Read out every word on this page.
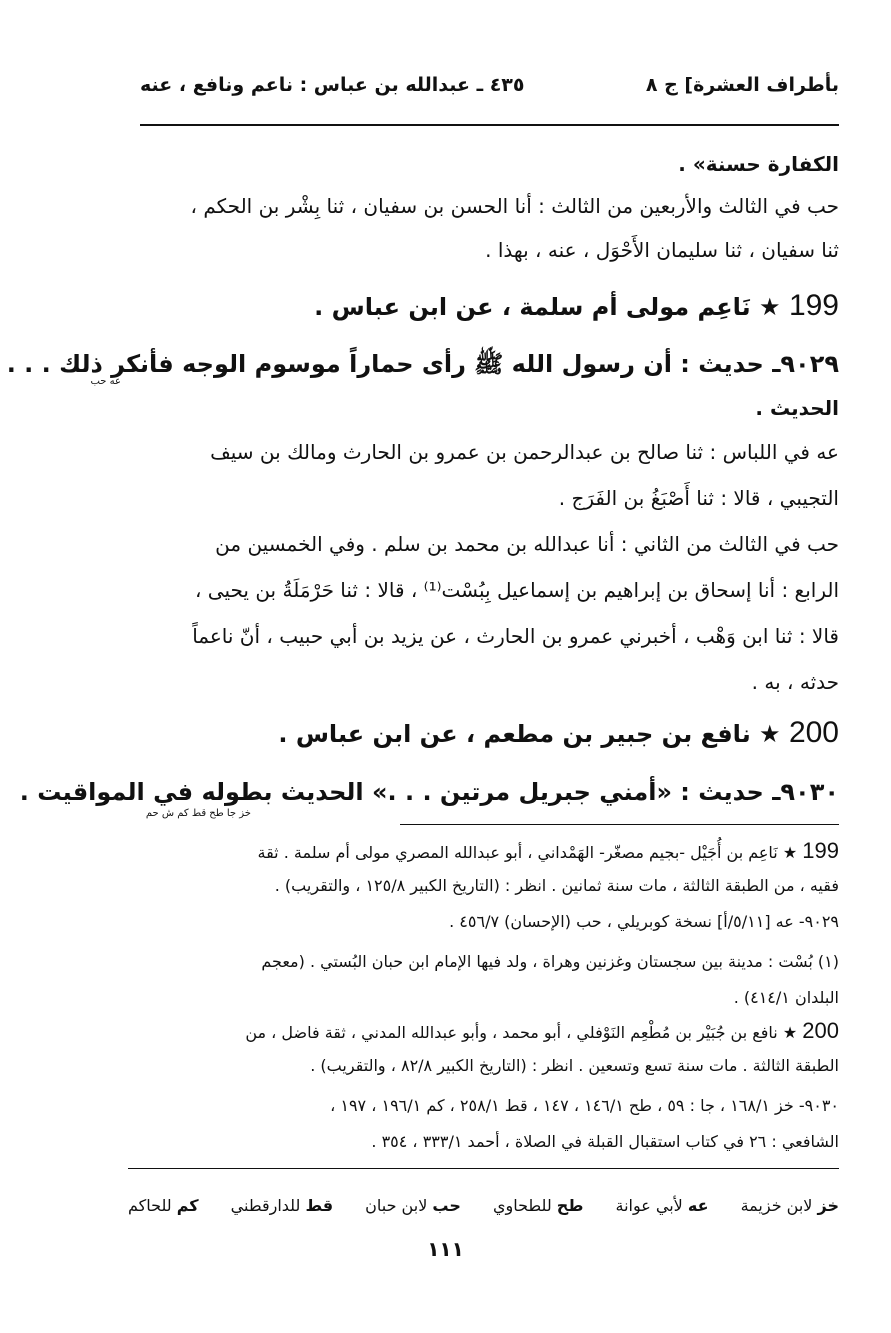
بأطراف العشرة] ج ٨
٤٣٥ ـ عبدالله بن عباس : ناعم ونافع ، عنه
الكفارة حسنة» .
حب في الثالث والأربعين من الثالث : أنا الحسن بن سفيان ، ثنا بِشْر بن الحكم ،
ثنا سفيان ، ثنا سليمان الأَحْوَل ، عنه ، بهذا .
199 ★ نَاعِم مولى أم سلمة ، عن ابن عباس .
٩٠٢٩ـ حديث : أن رسول الله ﷺ رأى حماراً موسوم الوجه فأنكر ذلك . . .
عه حب
الحديث .
عه في اللباس : ثنا صالح بن عبدالرحمن بن عمرو بن الحارث ومالك بن سيف
التجيبي ، قالا : ثنا أَصْبَغُ بن الفَرَج .
حب في الثالث من الثاني : أنا عبدالله بن محمد بن سلم . وفي الخمسين من
الرابع : أنا إسحاق بن إبراهيم بن إسماعيل بِبُسْت⁽¹⁾ ، قالا : ثنا حَرْمَلَةُ بن يحيى ،
قالا : ثنا ابن وَهْب ، أخبرني عمرو بن الحارث ، عن يزيد بن أبي حبيب ، أنّ ناعماً
حدثه ، به .
200 ★ نافع بن جبير بن مطعم ، عن ابن عباس .
٩٠٣٠ـ حديث : «أمني جبريل مرتين . . .» الحديث بطوله في المواقيت .
خز جا طح قط كم ش حم
199 ★ نَاعِم بن أُجَيْل -بجيم مصغّر- الهَمْداني ، أبو عبدالله المصري مولى أم سلمة . ثقة
فقيه ، من الطبقة الثالثة ، مات سنة ثمانين . انظر : (التاريخ الكبير ١٢٥/٨ ، والتقريب) .
٩٠٢٩- عه [٥/١١/أ] نسخة كوبريلي ، حب (الإحسان) ٤٥٦/٧ .
(١) بُسْت : مدينة بين سجستان وغزنين وهراة ، ولد فيها الإمام ابن حبان البُستي . (معجم
البلدان ٤١٤/١) .
200 ★ نافع بن جُبَيْر بن مُطْعِم النَوْفلي ، أبو محمد ، وأبو عبدالله المدني ، ثقة فاضل ، من
الطبقة الثالثة . مات سنة تسع وتسعين . انظر : (التاريخ الكبير ٨٢/٨ ، والتقريب) .
٩٠٣٠- خز ١٦٨/١ ، جا : ٥٩ ، طح ١٤٦/١ ، ١٤٧ ، قط ٢٥٨/١ ، كم ١٩٦/١ ، ١٩٧ ،
الشافعي : ٢٦ في كتاب استقبال القبلة في الصلاة ، أحمد ٣٣٣/١ ، ٣٥٤ .
خز لابن خزيمة
عه لأبي عوانة
طح للطحاوي
حب لابن حبان
قط للدارقطني
كم للحاكم
١١١
